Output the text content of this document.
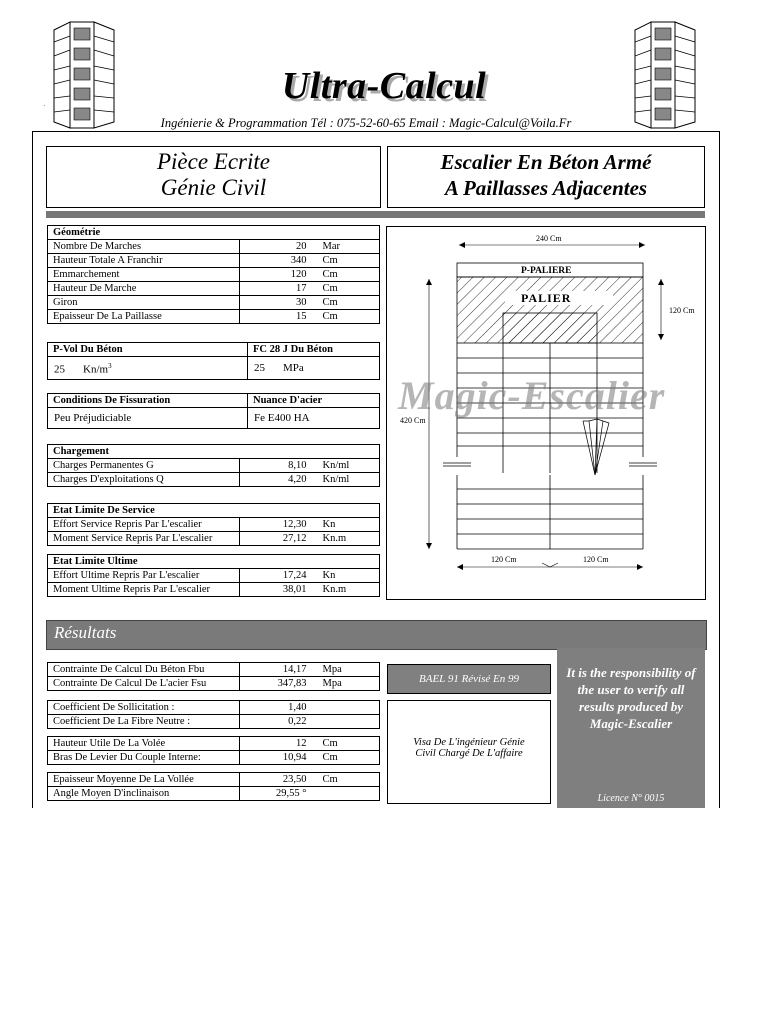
.	Ultra-Calcul
Ingénierie & Programmation Tél : 075-52-60-65 Email : Magic-Calcul@Voila.Fr
Pièce Ecrite
Génie Civil
Escalier En Béton Armé
A Paillasses Adjacentes
Géométrie		
Nombre De Marches	20	Mar
Hauteur Totale A Franchir	340	Cm
Emmarchement	120	Cm
Hauteur De Marche	17	Cm
Giron	30	Cm
Epaisseur De La Paillasse	15	Cm
P-Vol Du Béton	FC 28 J Du Béton
25 $Kn/m^3$	25 MPa
Conditions De Fissuration	Nuance D'acier
Peu Préjudiciable	Fe E400 HA
Chargement		
Charges Permanentes G	8,10	Kn/ml
Charges D'exploitations Q	4,20	Kn/ml
Etat Limite De Service		
Effort Service Repris Par L'escalier	12,30	Kn
Moment Service Repris Par L'escalier	27,12	Kn.m
Etat Limite Ultime		
Effort Ultime Repris Par L'escalier	17,24	Kn
Moment Ultime Repris Par L'escalier	38,01	Kn.m
240 Cm
120 Cm
420 Cm
P-PALIERE
PALIER
120 Cm	120 Cm
Magic-Escalier
Résultats
Contrainte De Calcul Du Béton Fbu	14,17	Mpa
Contrainte De Calcul De L'acier Fsu	347,83	Mpa
Coefficient De Sollicitation :	1,40	
Coefficient De La Fibre Neutre :	0,22	
Hauteur Utile De La Volée	12	Cm
Bras De Levier Du Couple Interne:	10,94	Cm
Epaisseur Moyenne De La Vollée	23,50	Cm
Angle Moyen D'inclinaison	29,55 °	
BAEL 91 Révisé En 99
Visa De L'ingénieur Génie
Civil Chargé De L'affaire
It is the responsibility of the user to verify all results produced by Magic-Escalier
Licence N° 0015
